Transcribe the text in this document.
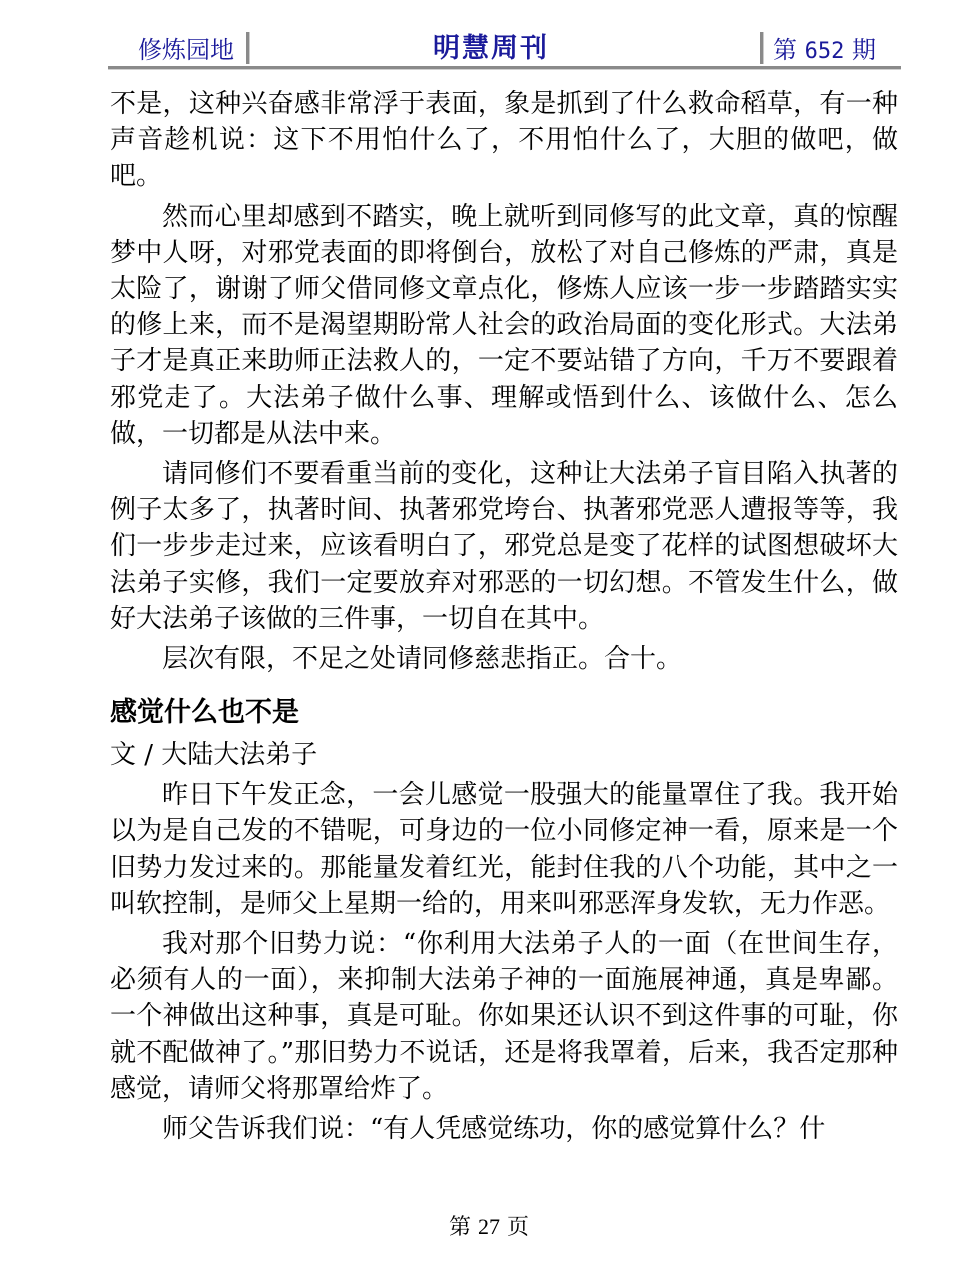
修炼园地	明慧周刊	第 652 期

不是，这种兴奋感非常浮于表面，象是抓到了什么救命稻草，有一种声音趁机说：这下不用怕什么了，不用怕什么了，大胆的做吧，做吧。

然而心里却感到不踏实，晚上就听到同修写的此文章，真的惊醒梦中人呀，对邪党表面的即将倒台，放松了对自己修炼的严肃，真是太险了，谢谢了师父借同修文章点化，修炼人应该一步一步踏踏实实的修上来，而不是渴望期盼常人社会的政治局面的变化形式。大法弟子才是真正来助师正法救人的，一定不要站错了方向，千万不要跟着邪党走了。大法弟子做什么事、理解或悟到什么、该做什么、怎么做，一切都是从法中来。

请同修们不要看重当前的变化，这种让大法弟子盲目陷入执著的例子太多了，执著时间、执著邪党垮台、执著邪党恶人遭报等等，我们一步步走过来，应该看明白了，邪党总是变了花样的试图想破坏大法弟子实修，我们一定要放弃对邪恶的一切幻想。不管发生什么，做好大法弟子该做的三件事，一切自在其中。

层次有限，不足之处请同修慈悲指正。合十。

感觉什么也不是
文 / 大陆大法弟子

昨日下午发正念，一会儿感觉一股强大的能量罩住了我。我开始以为是自己发的不错呢，可身边的一位小同修定神一看，原来是一个旧势力发过来的。那能量发着红光，能封住我的八个功能，其中之一叫软控制，是师父上星期一给的，用来叫邪恶浑身发软，无力作恶。

我对那个旧势力说：“你利用大法弟子人的一面（在世间生存，必须有人的一面），来抑制大法弟子神的一面施展神通，真是卑鄙。一个神做出这种事，真是可耻。你如果还认识不到这件事的可耻，你就不配做神了。”那旧势力不说话，还是将我罩着，后来，我否定那种感觉，请师父将那罩给炸了。

师父告诉我们说：“有人凭感觉练功，你的感觉算什么？什

第 27 页
